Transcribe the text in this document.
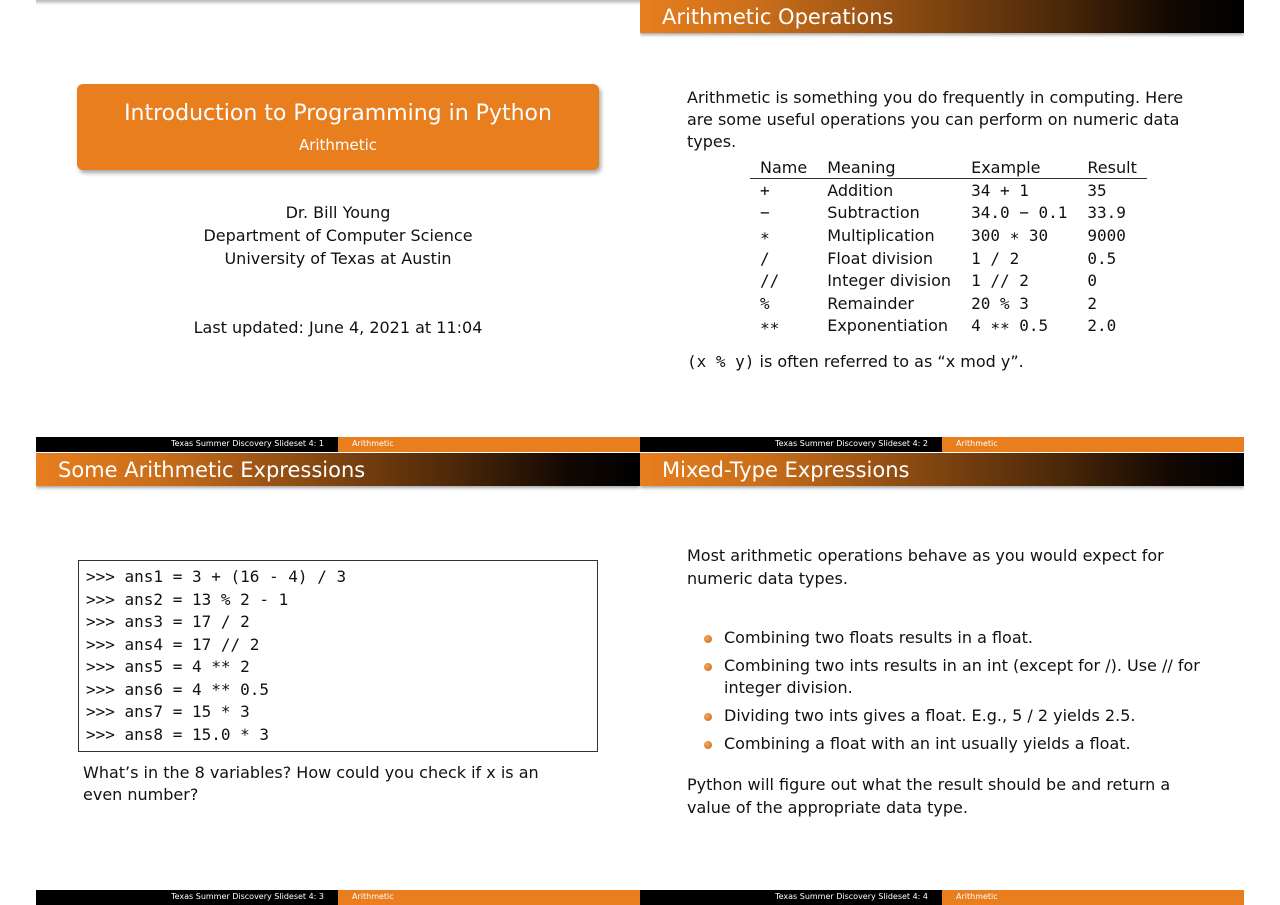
Introduction to Programming in Python
Arithmetic
Dr. Bill Young
Department of Computer Science
University of Texas at Austin
Last updated: June 4, 2021 at 11:04
Texas Summer Discovery Slideset 4: 1	Arithmetic
Arithmetic Operations
Arithmetic is something you do frequently in computing. Here are some useful operations you can perform on numeric data types.
Name	Meaning	Example	Result
+	Addition	34 + 1	35
−	Subtraction	34.0 − 0.1	33.9
∗	Multiplication	300 ∗ 30	9000
/	Float division	1 / 2	0.5
//	Integer division	1 // 2	0
%	Remainder	20 % 3	2
∗∗	Exponentiation	4 ∗∗ 0.5	2.0
(x % y) is often referred to as “x mod y”.
Texas Summer Discovery Slideset 4: 2	Arithmetic
Some Arithmetic Expressions
>>> ans1 = 3 + (16 - 4) / 3
>>> ans2 = 13 % 2 - 1
>>> ans3 = 17 / 2
>>> ans4 = 17 // 2
>>> ans5 = 4 ** 2
>>> ans6 = 4 ** 0.5
>>> ans7 = 15 * 3
>>> ans8 = 15.0 * 3
What’s in the 8 variables? How could you check if x is an even number?
Texas Summer Discovery Slideset 4: 3	Arithmetic
Mixed-Type Expressions
Most arithmetic operations behave as you would expect for numeric data types.
Combining two floats results in a float.
Combining two ints results in an int (except for /). Use // for integer division.
Dividing two ints gives a float. E.g., 5 / 2 yields 2.5.
Combining a float with an int usually yields a float.
Python will figure out what the result should be and return a value of the appropriate data type.
Texas Summer Discovery Slideset 4: 4	Arithmetic
